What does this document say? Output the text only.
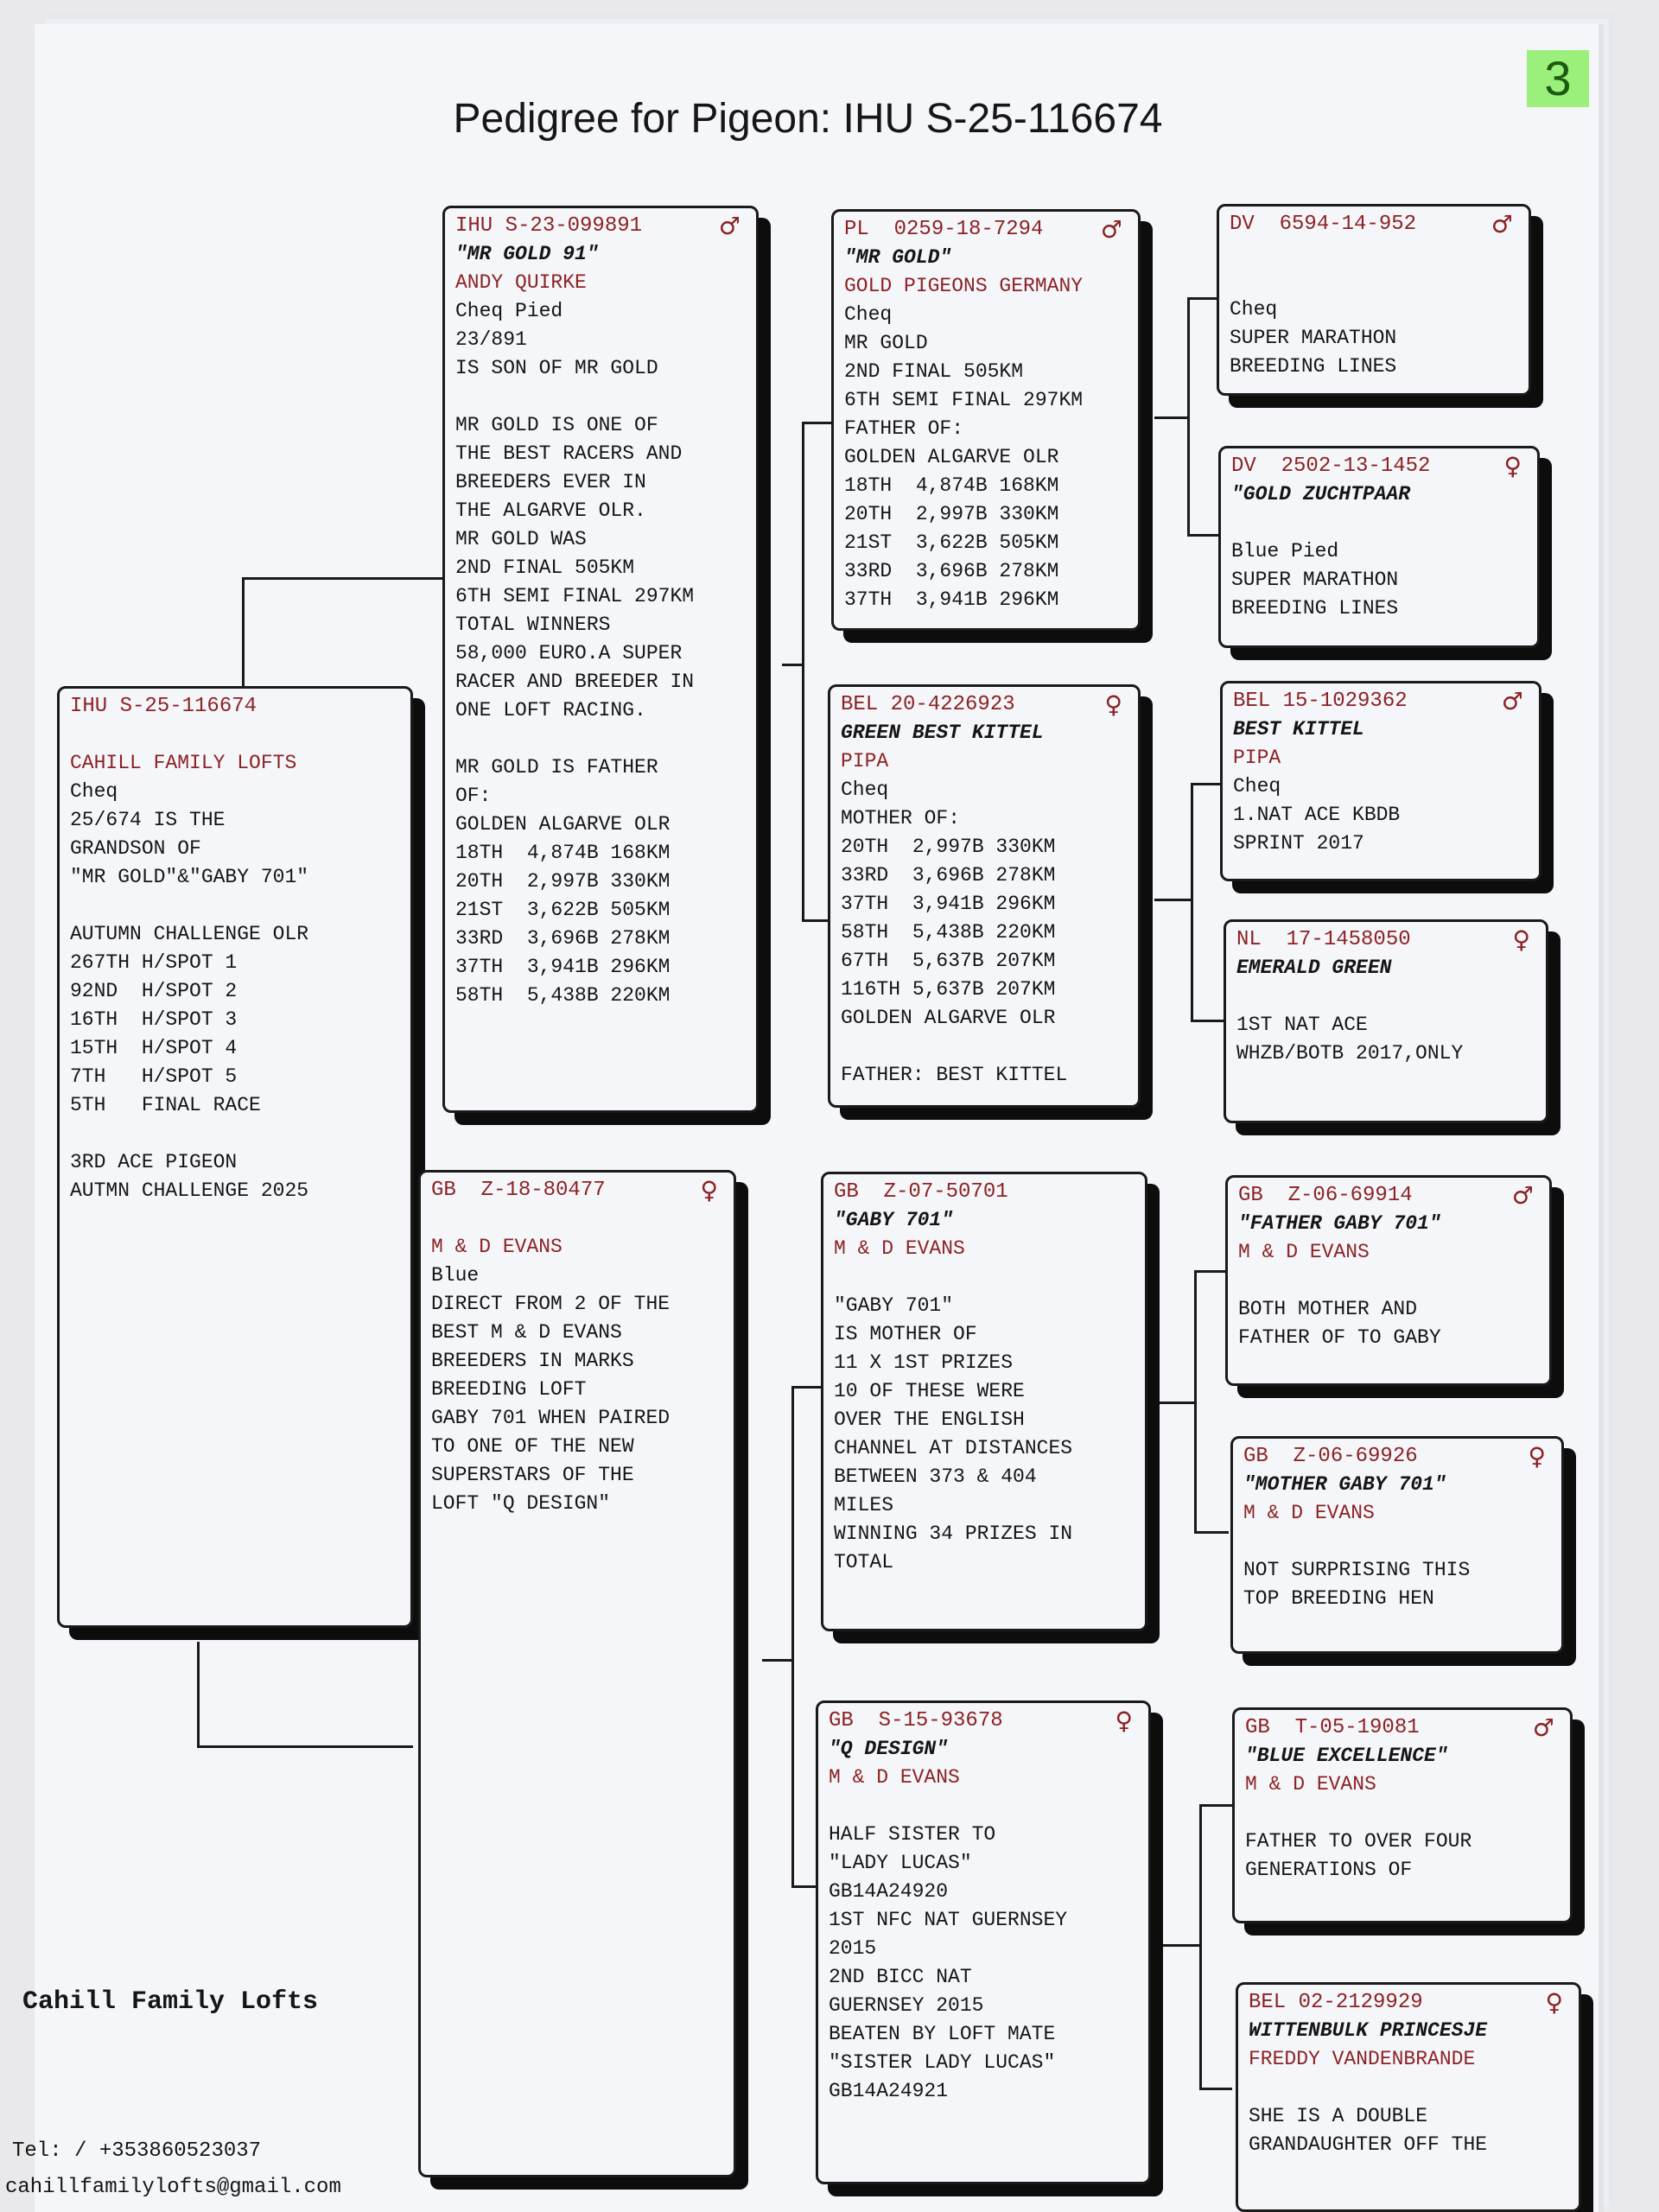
3
Pedigree for Pigeon: IHU S-25-116674
IHU S-25-116674
CAHILL FAMILY LOFTS
Cheq
25/674 IS THE
GRANDSON OF
"MR GOLD"&"GABY 701"
AUTUMN CHALLENGE OLR
267TH H/SPOT 1
92ND  H/SPOT 2
16TH  H/SPOT 3
15TH  H/SPOT 4
7TH   H/SPOT 5
5TH   FINAL RACE
3RD ACE PIGEON
AUTMN CHALLENGE 2025
IHU S-23-099891	♂
"MR GOLD 91"
ANDY QUIRKE
Cheq Pied
23/891
IS SON OF MR GOLD
MR GOLD IS ONE OF
THE BEST RACERS AND
BREEDERS EVER IN
THE ALGARVE OLR.
MR GOLD WAS
2ND FINAL 505KM
6TH SEMI FINAL 297KM
TOTAL WINNERS
58,000 EURO.A SUPER
RACER AND BREEDER IN
ONE LOFT RACING.
MR GOLD IS FATHER
OF:
GOLDEN ALGARVE OLR
18TH  4,874B 168KM
20TH  2,997B 330KM
21ST  3,622B 505KM
33RD  3,696B 278KM
37TH  3,941B 296KM
58TH  5,438B 220KM
GB  Z-18-80477	♀
M & D EVANS
Blue
DIRECT FROM 2 OF THE
BEST M & D EVANS
BREEDERS IN MARKS
BREEDING LOFT
GABY 701 WHEN PAIRED
TO ONE OF THE NEW
SUPERSTARS OF THE
LOFT "Q DESIGN"
PL  0259-18-7294	♂
"MR GOLD"
GOLD PIGEONS GERMANY
Cheq
MR GOLD
2ND FINAL 505KM
6TH SEMI FINAL 297KM
FATHER OF:
GOLDEN ALGARVE OLR
18TH  4,874B 168KM
20TH  2,997B 330KM
21ST  3,622B 505KM
33RD  3,696B 278KM
37TH  3,941B 296KM
BEL 20-4226923	♀
GREEN BEST KITTEL
PIPA
Cheq
MOTHER OF:
20TH  2,997B 330KM
33RD  3,696B 278KM
37TH  3,941B 296KM
58TH  5,438B 220KM
67TH  5,637B 207KM
116TH 5,637B 207KM
GOLDEN ALGARVE OLR
FATHER: BEST KITTEL
GB  Z-07-50701
"GABY 701"
M & D EVANS
"GABY 701"
IS MOTHER OF
11 X 1ST PRIZES
10 OF THESE WERE
OVER THE ENGLISH
CHANNEL AT DISTANCES
BETWEEN 373 & 404
MILES
WINNING 34 PRIZES IN
TOTAL
GB  S-15-93678	♀
"Q DESIGN"
M & D EVANS
HALF SISTER TO
"LADY LUCAS"
GB14A24920
1ST NFC NAT GUERNSEY
2015
2ND BICC NAT
GUERNSEY 2015
BEATEN BY LOFT MATE
"SISTER LADY LUCAS"
GB14A24921
DV  6594-14-952	♂
Cheq
SUPER MARATHON
BREEDING LINES
DV  2502-13-1452	♀
"GOLD ZUCHTPAAR
Blue Pied
SUPER MARATHON
BREEDING LINES
BEL 15-1029362	♂
BEST KITTEL
PIPA
Cheq
1.NAT ACE KBDB
SPRINT 2017
NL  17-1458050	♀
EMERALD GREEN
1ST NAT ACE
WHZB/BOTB 2017,ONLY
GB  Z-06-69914	♂
"FATHER GABY 701"
M & D EVANS
BOTH MOTHER AND
FATHER OF TO GABY
GB  Z-06-69926	♀
"MOTHER GABY 701"
M & D EVANS
NOT SURPRISING THIS
TOP BREEDING HEN
GB  T-05-19081	♂
"BLUE EXCELLENCE"
M & D EVANS
FATHER TO OVER FOUR
GENERATIONS OF
BEL 02-2129929	♀
WITTENBULK PRINCESJE
FREDDY VANDENBRANDE
SHE IS A DOUBLE
GRANDAUGHTER OFF THE
Cahill Family Lofts
Tel: / +353860523037
cahillfamilylofts@gmail.com
